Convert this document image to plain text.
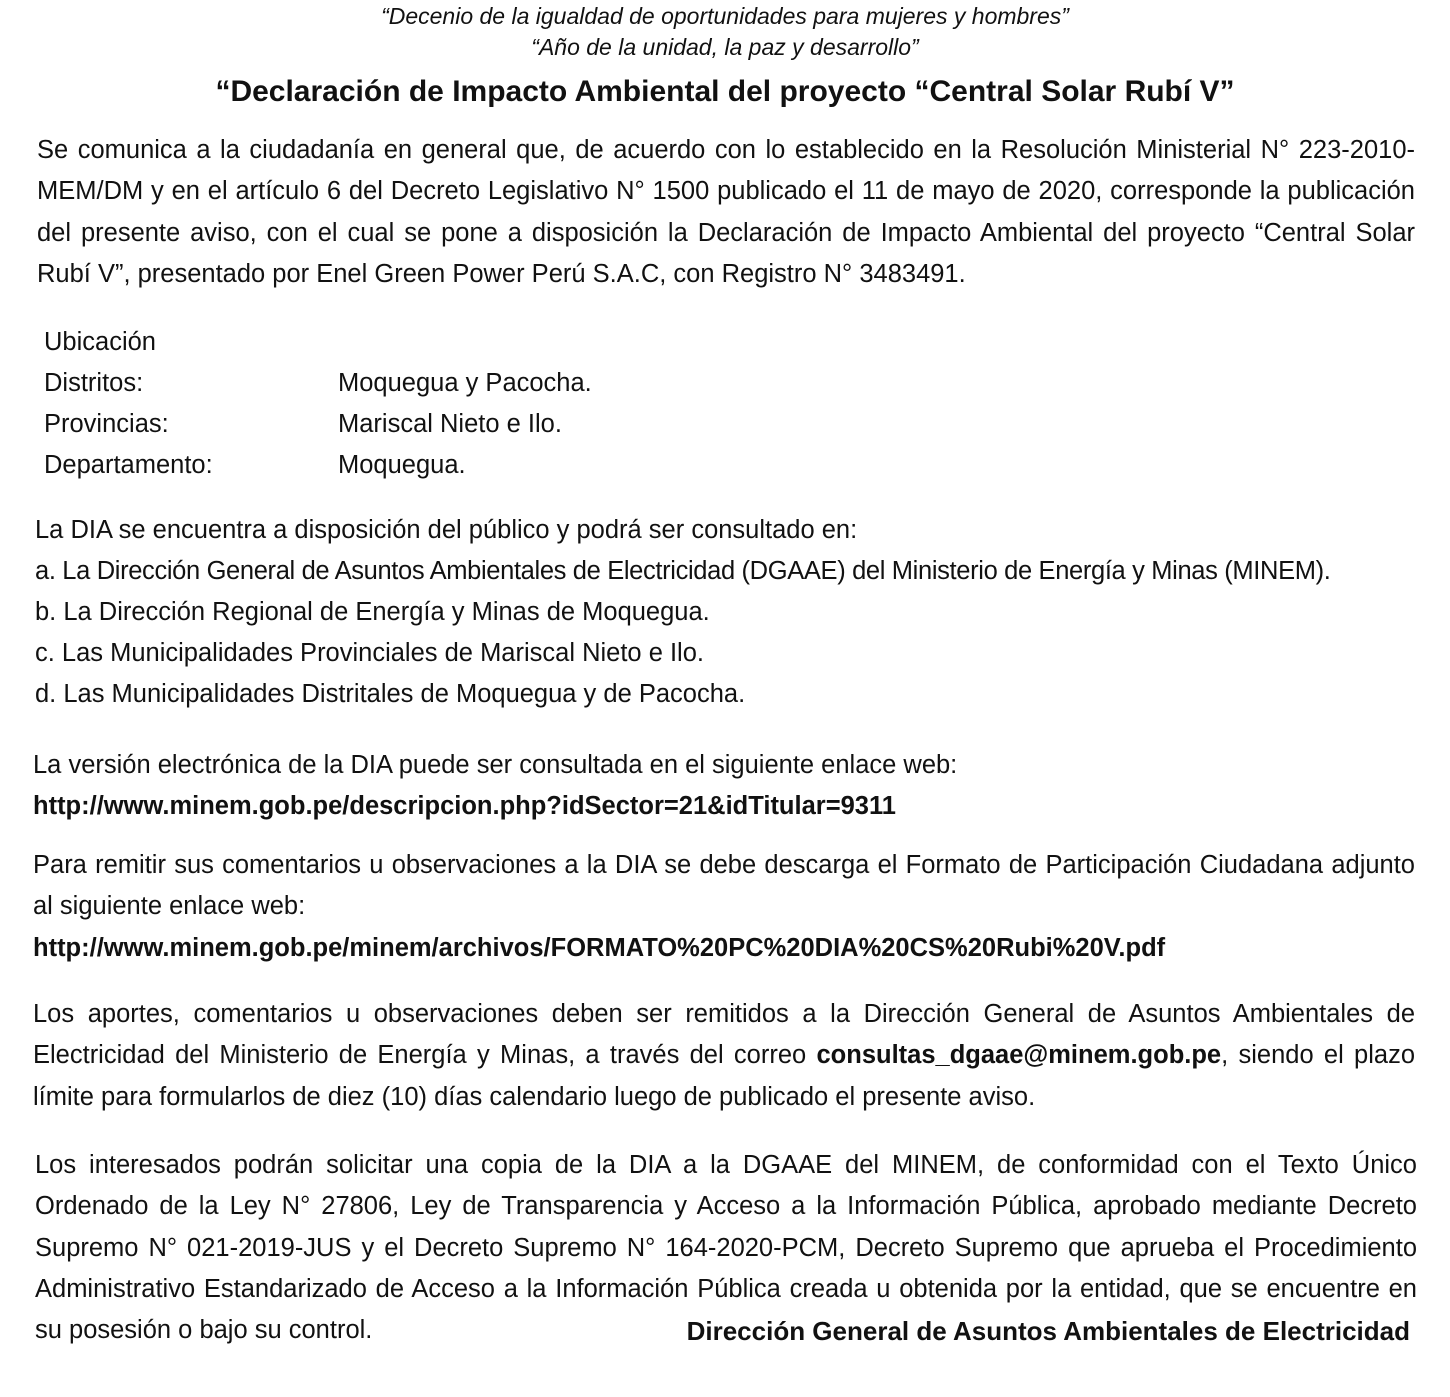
“Decenio de la igualdad de oportunidades para mujeres y hombres”
“Año de la unidad, la paz y desarrollo”
“Declaración de Impacto Ambiental del proyecto “Central Solar Rubí V”
Se comunica a la ciudadanía en general que, de acuerdo con lo establecido en la Resolución Ministerial N° 223-2010-MEM/DM y en el artículo 6 del Decreto Legislativo N° 1500 publicado el 11 de mayo de 2020, corresponde la publicación del presente aviso, con el cual se pone a disposición la Declaración de Impacto Ambiental del proyecto “Central Solar Rubí V”, presentado por Enel Green Power Perú S.A.C, con Registro N° 3483491.
Ubicación
Distritos:	Moquegua y Pacocha.
Provincias:	Mariscal Nieto e Ilo.
Departamento:	Moquegua.
La DIA se encuentra a disposición del público y podrá ser consultado en:
a. La Dirección General de Asuntos Ambientales de Electricidad (DGAAE) del Ministerio de Energía y Minas (MINEM).
b. La Dirección Regional de Energía y Minas de Moquegua.
c. Las Municipalidades Provinciales de Mariscal Nieto e Ilo.
d. Las Municipalidades Distritales de Moquegua y de Pacocha.
La versión electrónica de la DIA puede ser consultada en el siguiente enlace web:
http://www.minem.gob.pe/descripcion.php?idSector=21&idTitular=9311
Para remitir sus comentarios u observaciones a la DIA se debe descarga el Formato de Participación Ciudadana adjunto al siguiente enlace web:
http://www.minem.gob.pe/minem/archivos/FORMATO%20PC%20DIA%20CS%20Rubi%20V.pdf
Los aportes, comentarios u observaciones deben ser remitidos a la Dirección General de Asuntos Ambientales de Electricidad del Ministerio de Energía y Minas, a través del correo consultas_dgaae@minem.gob.pe, siendo el plazo límite para formularlos de diez (10) días calendario luego de publicado el presente aviso.
Los interesados podrán solicitar una copia de la DIA a la DGAAE del MINEM, de conformidad con el Texto Único Ordenado de la Ley N° 27806, Ley de Transparencia y Acceso a la Información Pública, aprobado mediante Decreto Supremo N° 021-2019-JUS y el Decreto Supremo N° 164-2020-PCM, Decreto Supremo que aprueba el Procedimiento Administrativo Estandarizado de Acceso a la Información Pública creada u obtenida por la entidad, que se encuentre en su posesión o bajo su control.	Dirección General de Asuntos Ambientales de Electricidad
